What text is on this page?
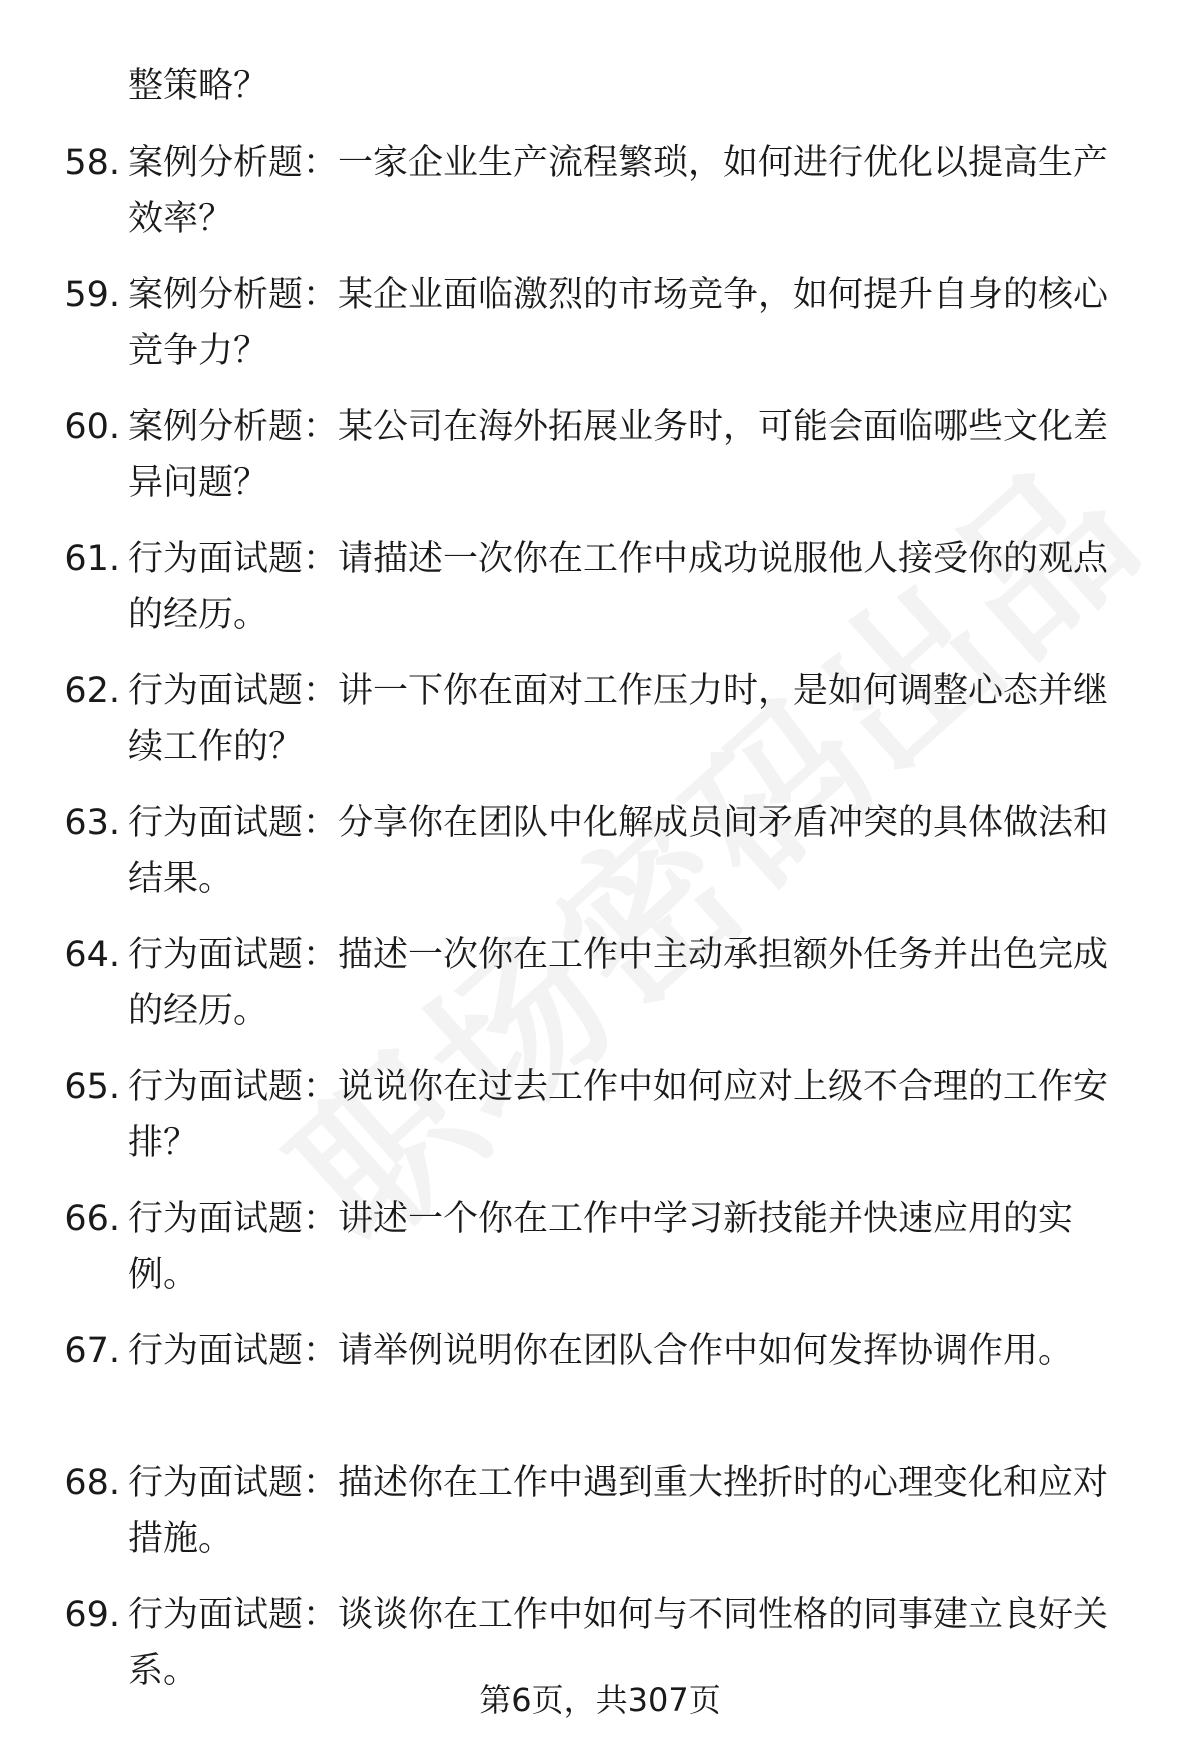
整策略？
58. 案例分析题：一家企业生产流程繁琐，如何进行优化以提高生产效率？
59. 案例分析题：某企业面临激烈的市场竞争，如何提升自身的核心竞争力？
60. 案例分析题：某公司在海外拓展业务时，可能会面临哪些文化差异问题？
61. 行为面试题：请描述一次你在工作中成功说服他人接受你的观点的经历。
62. 行为面试题：讲一下你在面对工作压力时，是如何调整心态并继续工作的？
63. 行为面试题：分享你在团队中化解成员间矛盾冲突的具体做法和结果。
64. 行为面试题：描述一次你在工作中主动承担额外任务并出色完成的经历。
65. 行为面试题：说说你在过去工作中如何应对上级不合理的工作安排？
66. 行为面试题：讲述一个你在工作中学习新技能并快速应用的实例。
67. 行为面试题：请举例说明你在团队合作中如何发挥协调作用。
68. 行为面试题：描述你在工作中遇到重大挫折时的心理变化和应对措施。
69. 行为面试题：谈谈你在工作中如何与不同性格的同事建立良好关系。
第6页，共307页
